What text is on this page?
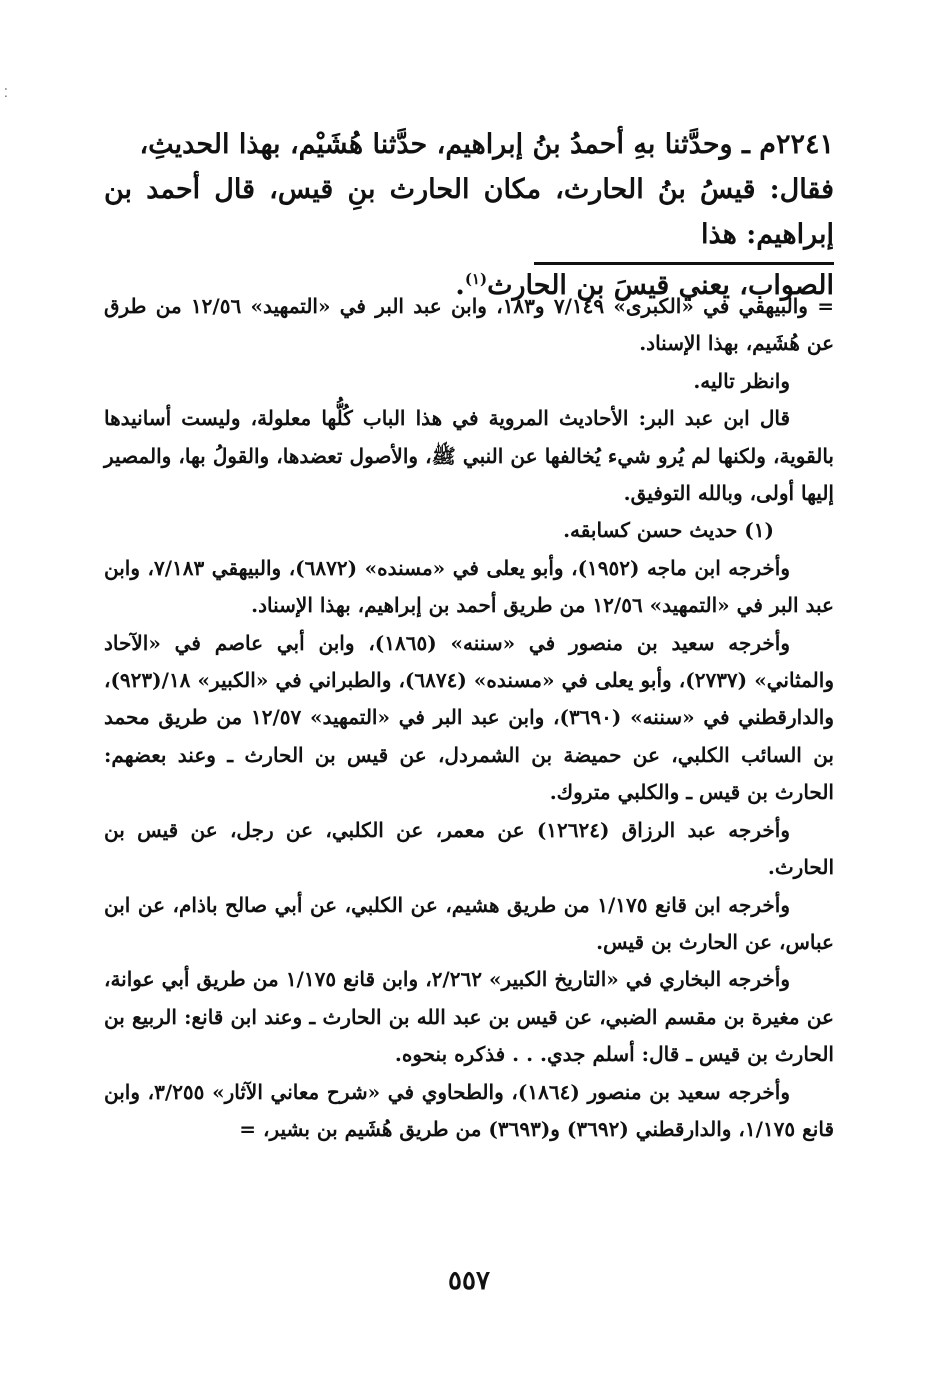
⁚

٢٢٤١م ـ وحدَّثنا بهِ أحمدُ بنُ إبراهيم، حدَّثنا هُشَيْم، بهذا الحديثِ،

فقال: قيسُ بنُ الحارث، مكان الحارث بنِ قيس، قال أحمد بن إبراهيم: هذا

الصواب، يعني قيسَ بن الحارث$^{(١)}$.

= والبيهقي في «الكبرى» ٧/١٤٩ و١٨٣، وابن عبد البر في «التمهيد» ١٢/٥٦ من طرق عن هُشَيم، بهذا الإسناد.

وانظر تاليه.

قال ابن عبد البر: الأحاديث المروية في هذا الباب كُلُّها معلولة، وليست أسانيدها بالقوية، ولكنها لم يُرو شيء يُخالفها عن النبي ﷺ، والأصول تعضدها، والقولُ بها، والمصير إليها أولى، وبالله التوفيق.

(١) حديث حسن كسابقه.

وأخرجه ابن ماجه (١٩٥٢)، وأبو يعلى في «مسنده» (٦٨٧٢)، والبيهقي ٧/١٨٣، وابن عبد البر في «التمهيد» ١٢/٥٦ من طريق أحمد بن إبراهيم، بهذا الإسناد.

وأخرجه سعيد بن منصور في «سننه» (١٨٦٥)، وابن أبي عاصم في «الآحاد والمثاني» (٢٧٣٧)، وأبو يعلى في «مسنده» (٦٨٧٤)، والطبراني في «الكبير» ١٨/(٩٢٣)، والدارقطني في «سننه» (٣٦٩٠)، وابن عبد البر في «التمهيد» ١٢/٥٧ من طريق محمد بن السائب الكلبي، عن حميضة بن الشمردل، عن قيس بن الحارث ـ وعند بعضهم: الحارث بن قيس ـ والكلبي متروك.

وأخرجه عبد الرزاق (١٢٦٢٤) عن معمر، عن الكلبي، عن رجل، عن قيس بن الحارث.

وأخرجه ابن قانع ١/١٧٥ من طريق هشيم، عن الكلبي، عن أبي صالح باذام، عن ابن عباس، عن الحارث بن قيس.

وأخرجه البخاري في «التاريخ الكبير» ٢/٢٦٢، وابن قانع ١/١٧٥ من طريق أبي عوانة، عن مغيرة بن مقسم الضبي، عن قيس بن عبد الله بن الحارث ـ وعند ابن قانع: الربيع بن الحارث بن قيس ـ قال: أسلم جدي. . . فذكره بنحوه.

وأخرجه سعيد بن منصور (١٨٦٤)، والطحاوي في «شرح معاني الآثار» ٣/٢٥٥، وابن قانع ١/١٧٥، والدارقطني (٣٦٩٢) و(٣٦٩٣) من طريق هُشَيم بن بشير، =

٥٥٧
